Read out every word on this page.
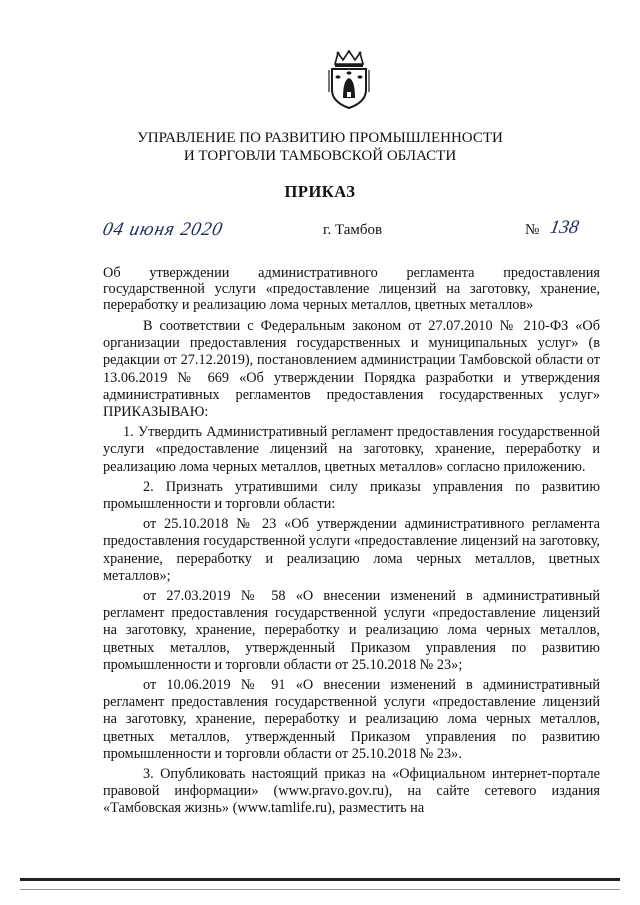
УПРАВЛЕНИЕ ПО РАЗВИТИЮ ПРОМЫШЛЕННОСТИ
И ТОРГОВЛИ ТАМБОВСКОЙ ОБЛАСТИ
ПРИКАЗ
04 июня 2020	г. Тамбов	№ 138
Об утверждении административного регламента предоставления государственной услуги «предоставление лицензий на заготовку, хранение, переработку и реализацию лома черных металлов, цветных металлов»

В соответствии с Федеральным законом от 27.07.2010 № 210-ФЗ «Об организации предоставления государственных и муниципальных услуг» (в редакции от 27.12.2019), постановлением администрации Тамбовской области от 13.06.2019 № 669 «Об утверждении Порядка разработки и утверждения административных регламентов предоставления государственных услуг» ПРИКАЗЫВАЮ:

1. Утвердить Административный регламент предоставления государственной услуги «предоставление лицензий на заготовку, хранение, переработку и реализацию лома черных металлов, цветных металлов» согласно приложению.

2. Признать утратившими силу приказы управления по развитию промышленности и торговли области:

от 25.10.2018 № 23 «Об утверждении административного регламента предоставления государственной услуги «предоставление лицензий на заготовку, хранение, переработку и реализацию лома черных металлов, цветных металлов»;

от 27.03.2019 № 58 «О внесении изменений в административный регламент предоставления государственной услуги «предоставление лицензий на заготовку, хранение, переработку и реализацию лома черных металлов, цветных металлов, утвержденный Приказом управления по развитию промышленности и торговли области от 25.10.2018 № 23»;

от 10.06.2019 № 91 «О внесении изменений в административный регламент предоставления государственной услуги «предоставление лицензий на заготовку, хранение, переработку и реализацию лома черных металлов, цветных металлов, утвержденный Приказом управления по развитию промышленности и торговли области от 25.10.2018 № 23».

3. Опубликовать настоящий приказ на «Официальном интернет-портале правовой информации» (www.pravo.gov.ru), на сайте сетевого издания «Тамбовская жизнь» (www.tamlife.ru), разместить на
